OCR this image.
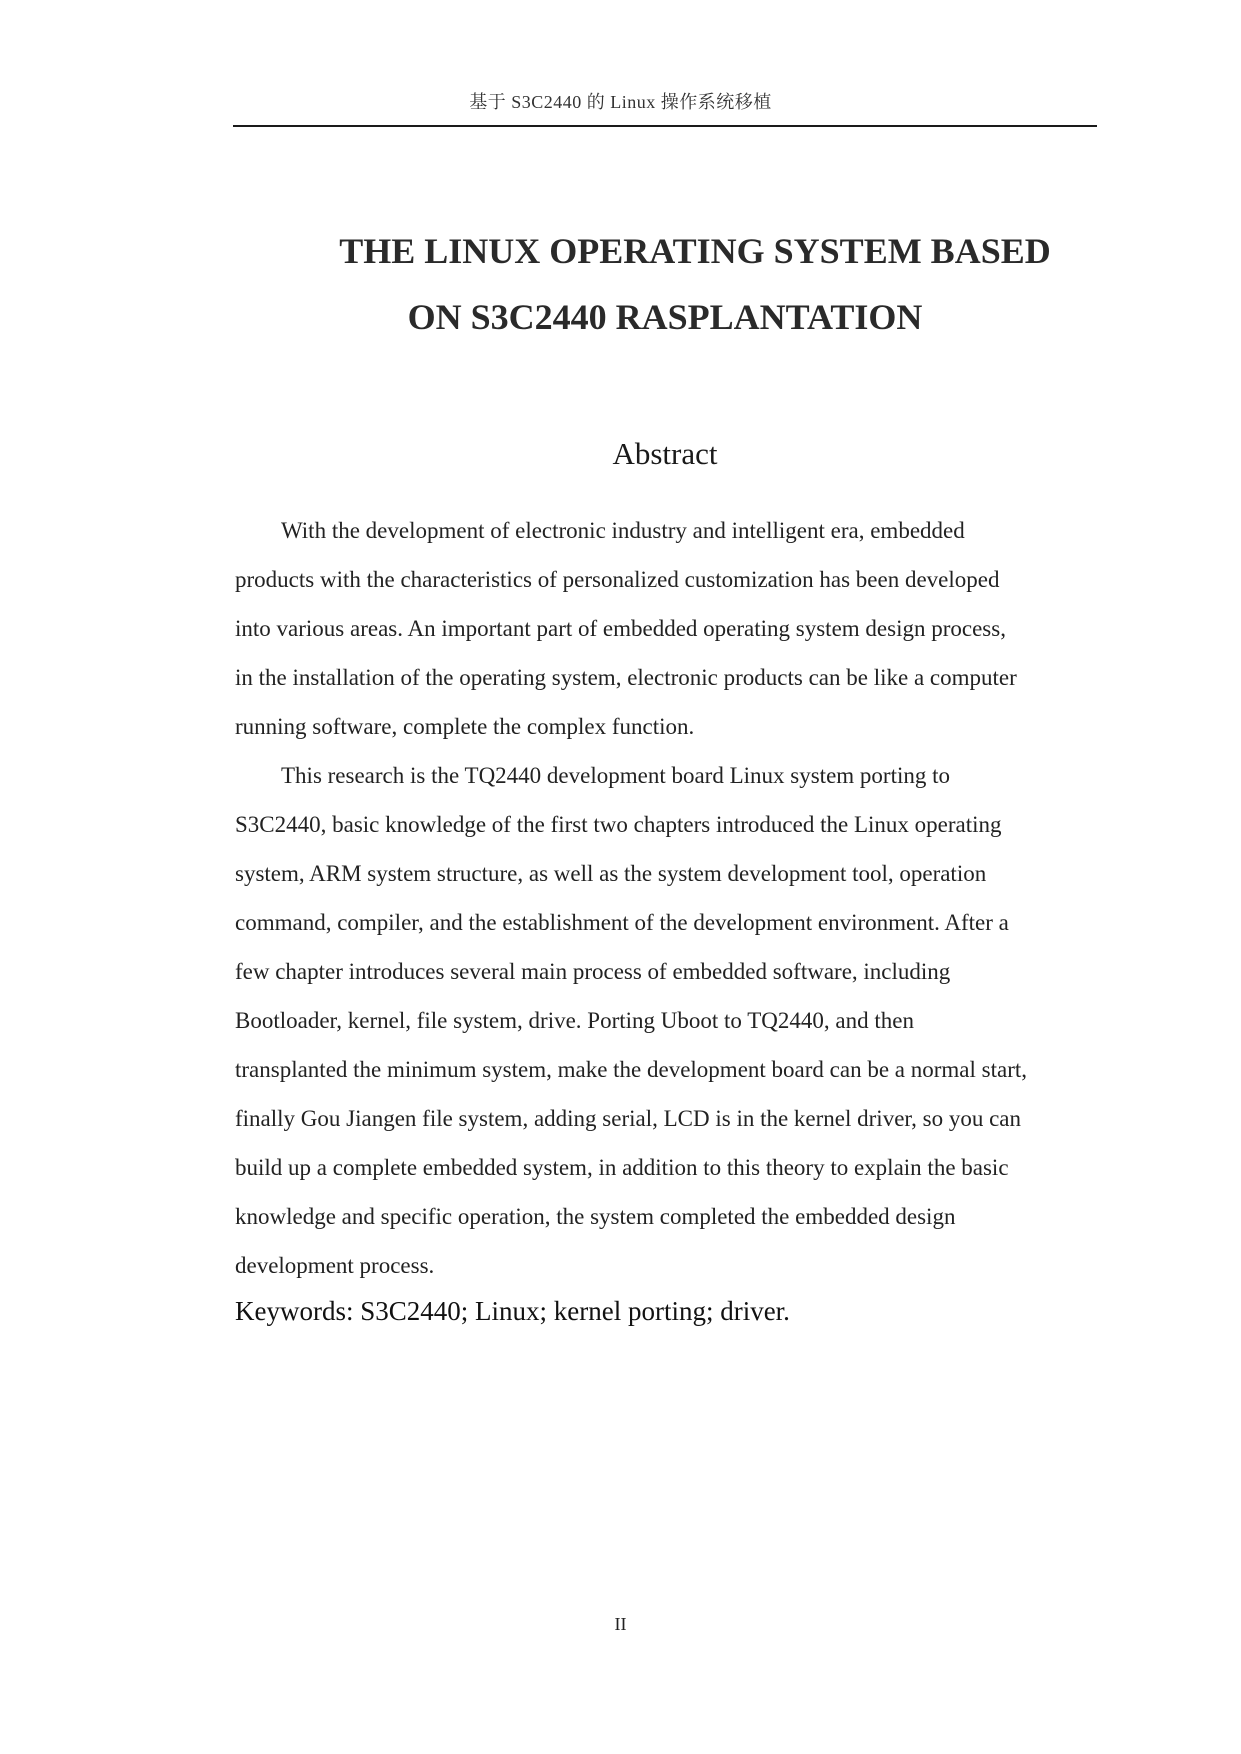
基于 S3C2440 的 Linux 操作系统移植
THE LINUX OPERATING SYSTEM BASED
ON S3C2440 RASPLANTATION
Abstract
With the development of electronic industry and intelligent era, embedded
products with the characteristics of personalized customization has been developed
into various areas. An important part of embedded operating system design process,
in the installation of the operating system, electronic products can be like a computer
running software, complete the complex function.
This research is the TQ2440 development board Linux system porting to
S3C2440, basic knowledge of the first two chapters introduced the Linux operating
system, ARM system structure, as well as the system development tool, operation
command, compiler, and the establishment of the development environment. After a
few chapter introduces several main process of embedded software, including
Bootloader, kernel, file system, drive. Porting Uboot to TQ2440, and then
transplanted the minimum system, make the development board can be a normal start,
finally Gou Jiangen file system, adding serial, LCD is in the kernel driver, so you can
build up a complete embedded system, in addition to this theory to explain the basic
knowledge and specific operation, the system completed the embedded design
development process.
Keywords: S3C2440; Linux; kernel porting; driver.
II
